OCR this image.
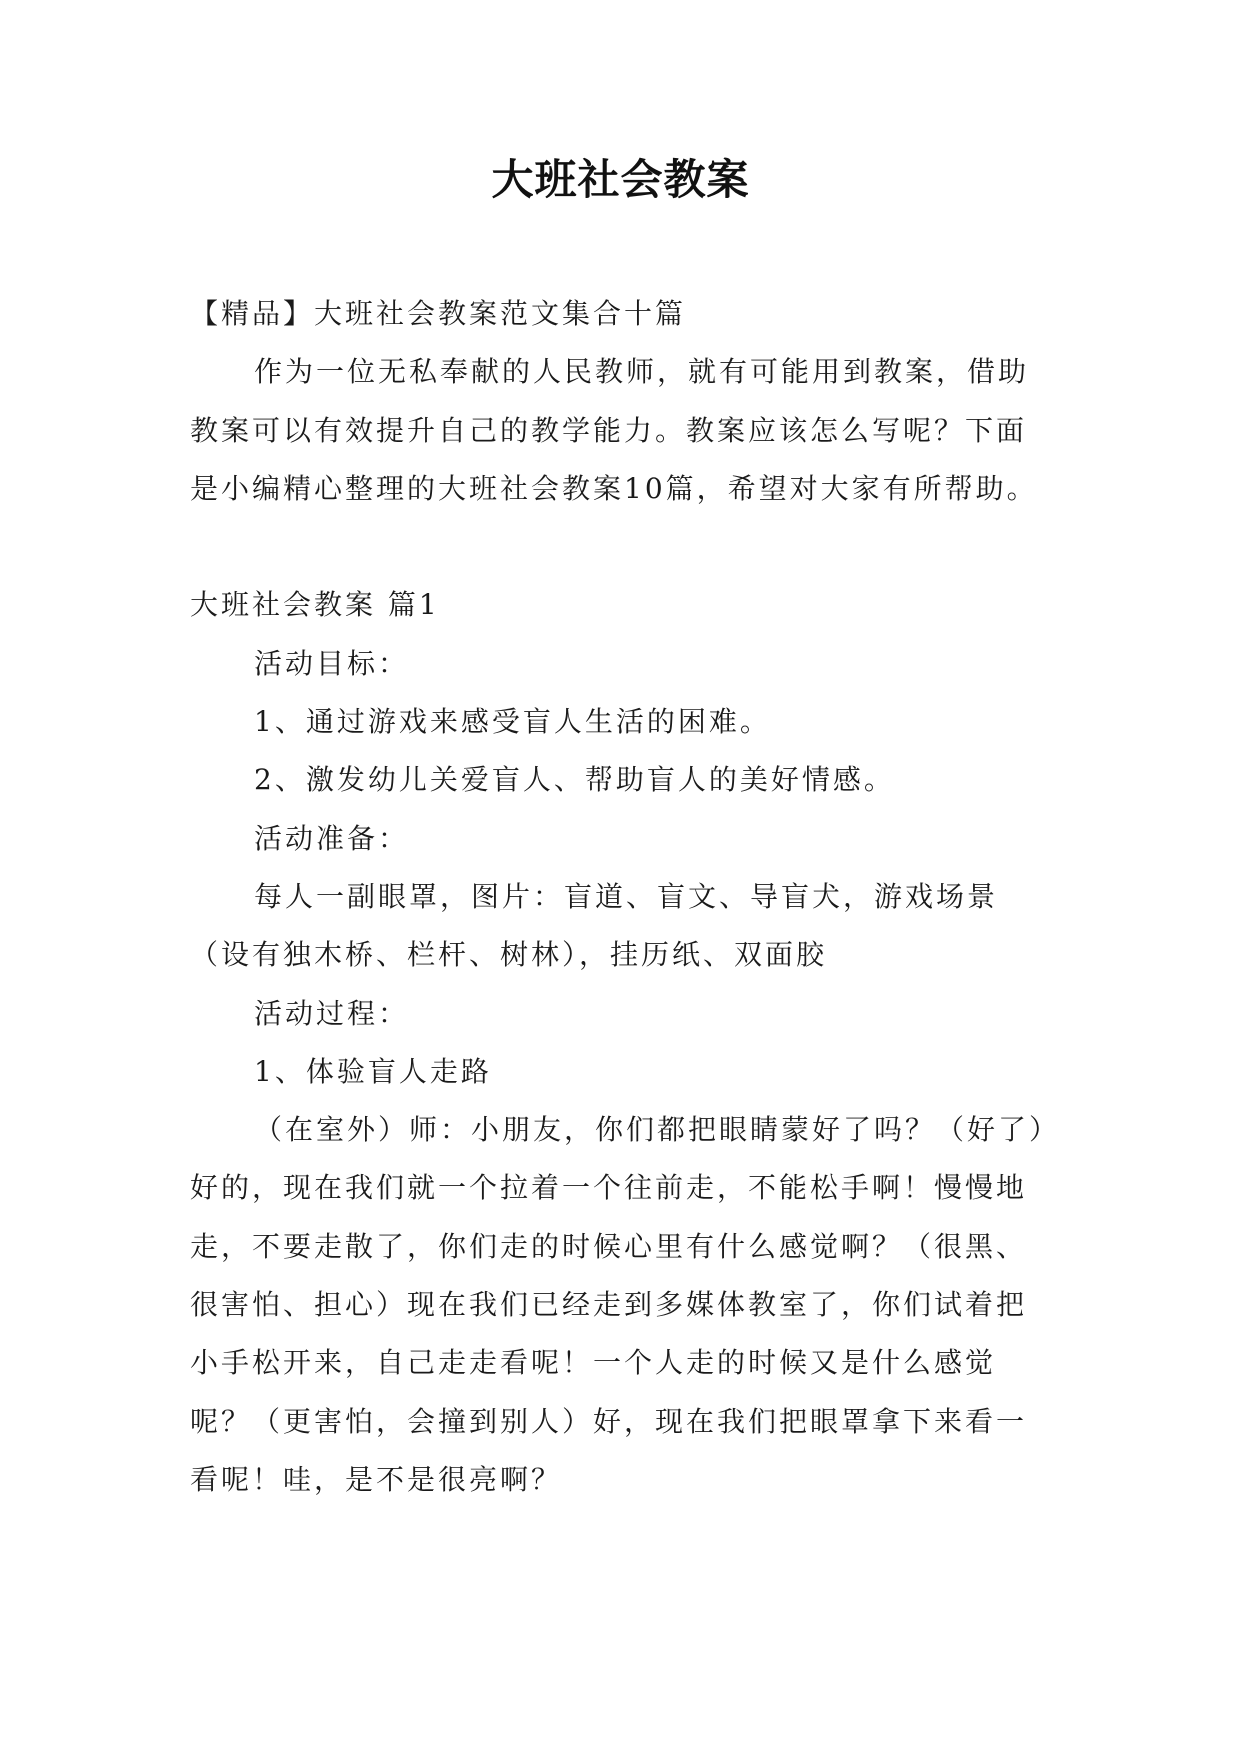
大班社会教案

【精品】大班社会教案范文集合十篇

作为一位无私奉献的人民教师，就有可能用到教案，借助教案可以有效提升自己的教学能力。教案应该怎么写呢？下面是小编精心整理的大班社会教案10篇，希望对大家有所帮助。

大班社会教案 篇1

活动目标：

1、通过游戏来感受盲人生活的困难。

2、激发幼儿关爱盲人、帮助盲人的美好情感。

活动准备：

每人一副眼罩，图片：盲道、盲文、导盲犬，游戏场景（设有独木桥、栏杆、树林），挂历纸、双面胶

活动过程：

1、体验盲人走路

（在室外）师：小朋友，你们都把眼睛蒙好了吗？（好了）好的，现在我们就一个拉着一个往前走，不能松手啊！慢慢地走，不要走散了，你们走的时候心里有什么感觉啊？（很黑、很害怕、担心）现在我们已经走到多媒体教室了，你们试着把小手松开来，自己走走看呢！一个人走的时候又是什么感觉呢？（更害怕，会撞到别人）好，现在我们把眼罩拿下来看一看呢！哇，是不是很亮啊？
